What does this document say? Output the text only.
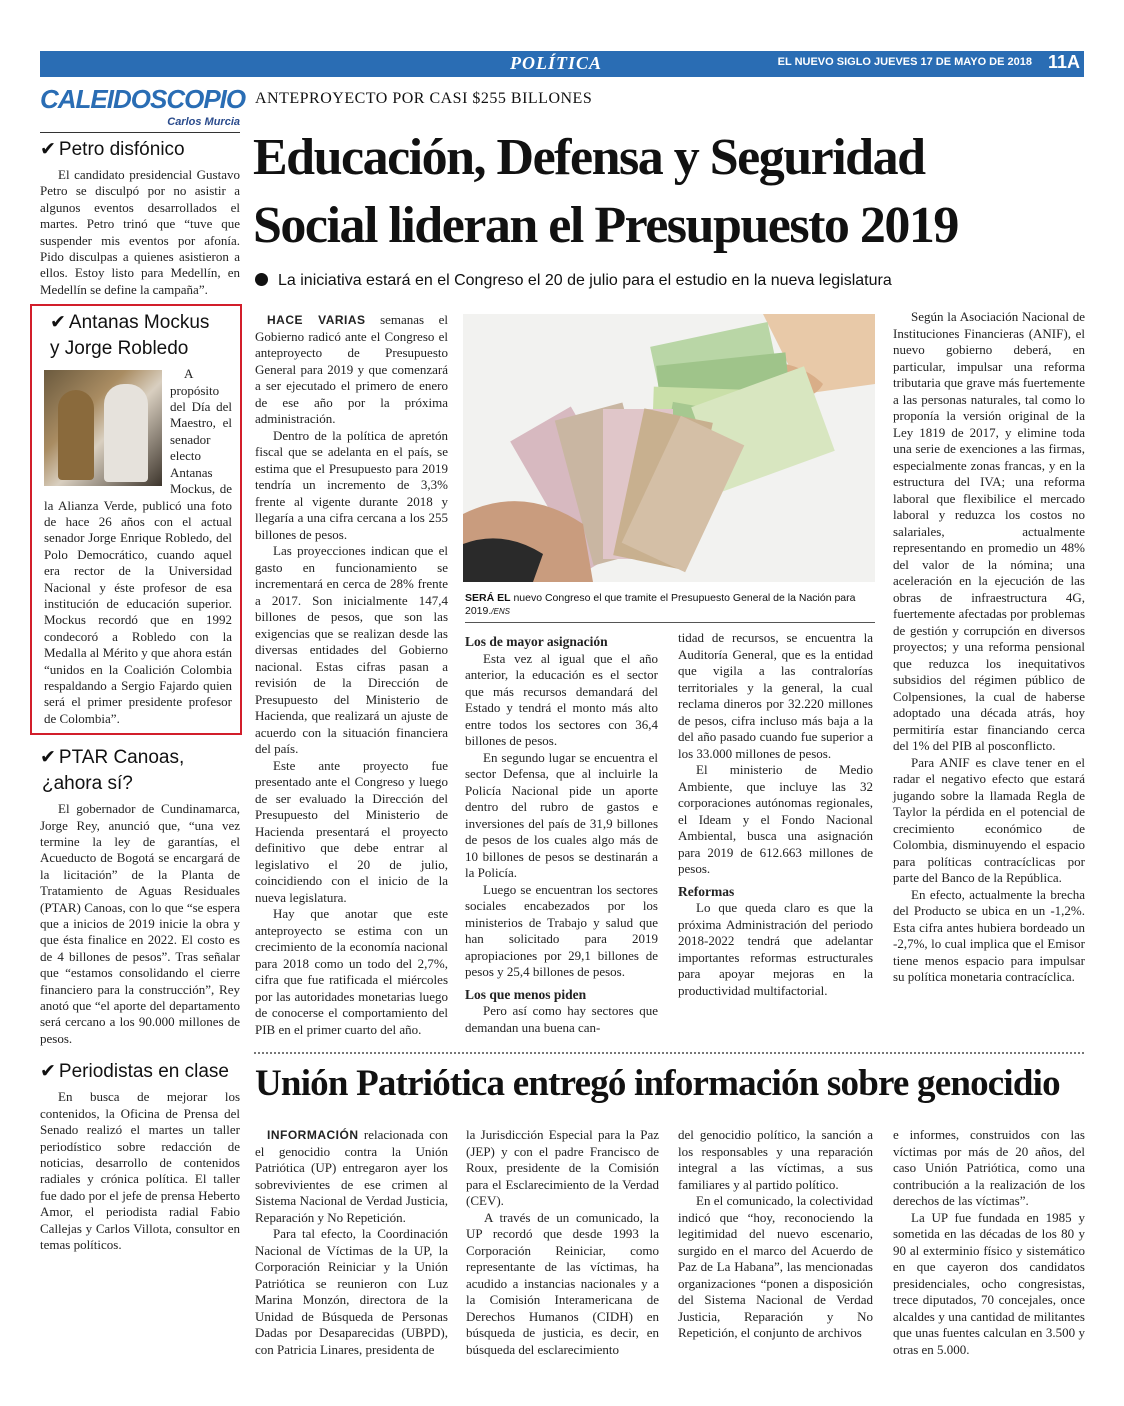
POLÍTICA	EL NUEVO SIGLO JUEVES 17 DE MAYO DE 2018 11A
CALEIDOSCOPIO
Carlos Murcia
✔ Petro disfónico
El candidato presidencial Gustavo Petro se disculpó por no asistir a algunos eventos desarrollados el martes. Petro trinó que “tuve que suspender mis eventos por afonía. Pido disculpas a quienes asistieron a ellos. Estoy listo para Medellín, en Medellín se define la campaña”.
✔ Antanas Mockus
y Jorge Robledo
A propósito del Día del Maestro, el senador electo Antanas Mockus, de la Alianza Verde, publicó una foto de hace 26 años con el actual senador Jorge Enrique Robledo, del Polo Democrático, cuando aquel era rector de la Universidad Nacional y éste profesor de esa institución de educación superior. Mockus recordó que en 1992 condecoró a Robledo con la Medalla al Mérito y que ahora están “unidos en la Coalición Colombia respaldando a Sergio Fajardo quien será el primer presidente profesor de Colombia”.
✔ PTAR Canoas,
¿ahora sí?
El gobernador de Cundinamarca, Jorge Rey, anunció que, “una vez termine la ley de garantías, el Acueducto de Bogotá se encargará de la licitación” de la Planta de Tratamiento de Aguas Residuales (PTAR) Canoas, con lo que “se espera que a inicios de 2019 inicie la obra y que ésta finalice en 2022. El costo es de 4 billones de pesos”. Tras señalar que “estamos consolidando el cierre financiero para la construcción”, Rey anotó que “el aporte del departamento será cercano a los 90.000 millones de pesos.
✔ Periodistas en clase
En busca de mejorar los contenidos, la Oficina de Prensa del Senado realizó el martes un taller periodístico sobre redacción de noticias, desarrollo de contenidos radiales y crónica política. El taller fue dado por el jefe de prensa Heberto Amor, el periodista radial Fabio Callejas y Carlos Villota, consultor en temas políticos.
ANTEPROYECTO POR CASI $255 BILLONES
Educación, Defensa y Seguridad
Social lideran el Presupuesto 2019
La iniciativa estará en el Congreso el 20 de julio para el estudio en la nueva legislatura

HACE VARIAS semanas el Gobierno radicó ante el Congreso el anteproyecto de Presupuesto General para 2019 y que comenzará a ser ejecutado el primero de enero de ese año por la próxima administración.

Dentro de la política de apretón fiscal que se adelanta en el país, se estima que el Presupuesto para 2019 tendría un incremento de 3,3% frente al vigente durante 2018 y llegaría a una cifra cercana a los 255 billones de pesos.

Las proyecciones indican que el gasto en funcionamiento se incrementará en cerca de 28% frente a 2017. Son inicialmente 147,4 billones de pesos, que son las exigencias que se realizan desde las diversas entidades del Gobierno nacional. Estas cifras pasan a revisión de la Dirección de Presupuesto del Ministerio de Hacienda, que realizará un ajuste de acuerdo con la situación financiera del país.

Este ante proyecto fue presentado ante el Congreso y luego de ser evaluado la Dirección del Presupuesto del Ministerio de Hacienda presentará el proyecto definitivo que debe entrar al legislativo el 20 de julio, coincidiendo con el inicio de la nueva legislatura.

Hay que anotar que este anteproyecto se estima con un crecimiento de la economía nacional para 2018 como un todo del 2,7%, cifra que fue ratificada el miércoles por las autoridades monetarias luego de conocerse el comportamiento del PIB en el primer cuarto del año.

SERÁ EL nuevo Congreso el que tramite el Presupuesto General de la Nación para 2019./ENS

Los de mayor asignación

Esta vez al igual que el año anterior, la educación es el sector que más recursos demandará del Estado y tendrá el monto más alto entre todos los sectores con 36,4 billones de pesos.

En segundo lugar se encuentra el sector Defensa, que al incluirle la Policía Nacional pide un aporte dentro del rubro de gastos e inversiones del país de 31,9 billones de pesos de los cuales algo más de 10 billones de pesos se destinarán a la Policía.

Luego se encuentran los sectores sociales encabezados por los ministerios de Trabajo y salud que han solicitado para 2019 apropiaciones por 29,1 billones de pesos y 25,4 billones de pesos.

Los que menos piden

Pero así como hay sectores que demandan una buena can-

tidad de recursos, se encuentra la Auditoría General, que es la entidad que vigila a las contralorías territoriales y la general, la cual reclama dineros por 32.220 millones de pesos, cifra incluso más baja a la del año pasado cuando fue superior a los 33.000 millones de pesos.

El ministerio de Medio Ambiente, que incluye las 32 corporaciones autónomas regionales, el Ideam y el Fondo Nacional Ambiental, busca una asignación para 2019 de 612.663 millones de pesos.

Reformas

Lo que queda claro es que la próxima Administración del periodo 2018-2022 tendrá que adelantar importantes reformas estructurales para apoyar mejoras en la productividad multifactorial.

Según la Asociación Nacional de Instituciones Financieras (ANIF), el nuevo gobierno deberá, en particular, impulsar una reforma tributaria que grave más fuertemente a las personas naturales, tal como lo proponía la versión original de la Ley 1819 de 2017, y elimine toda una serie de exenciones a las firmas, especialmente zonas francas, y en la estructura del IVA; una reforma laboral que flexibilice el mercado laboral y reduzca los costos no salariales, actualmente representando en promedio un 48% del valor de la nómina; una aceleración en la ejecución de las obras de infraestructura 4G, fuertemente afectadas por problemas de gestión y corrupción en diversos proyectos; y una reforma pensional que reduzca los inequitativos subsidios del régimen público de Colpensiones, la cual de haberse adoptado una década atrás, hoy permitiría estar financiando cerca del 1% del PIB al posconflicto.

Para ANIF es clave tener en el radar el negativo efecto que estará jugando sobre la llamada Regla de Taylor la pérdida en el potencial de crecimiento económico de Colombia, disminuyendo el espacio para políticas contracíclicas por parte del Banco de la República.

En efecto, actualmente la brecha del Producto se ubica en un -1,2%. Esta cifra antes hubiera bordeado un -2,7%, lo cual implica que el Emisor tiene menos espacio para impulsar su política monetaria contracíclica.

Unión Patriótica entregó información sobre genocidio

INFORMACIÓN relacionada con el genocidio contra la Unión Patriótica (UP) entregaron ayer los sobrevivientes de ese crimen al Sistema Nacional de Verdad Justicia, Reparación y No Repetición.

Para tal efecto, la Coordinación Nacional de Víctimas de la UP, la Corporación Reiniciar y la Unión Patriótica se reunieron con Luz Marina Monzón, directora de la Unidad de Búsqueda de Personas Dadas por Desaparecidas (UBPD), con Patricia Linares, presidenta de

la Jurisdicción Especial para la Paz (JEP) y con el padre Francisco de Roux, presidente de la Comisión para el Esclarecimiento de la Verdad (CEV).

A través de un comunicado, la UP recordó que desde 1993 la Corporación Reiniciar, como representante de las víctimas, ha acudido a instancias nacionales y a la Comisión Interamericana de Derechos Humanos (CIDH) en búsqueda de justicia, es decir, en búsqueda del esclarecimiento

del genocidio político, la sanción a los responsables y una reparación integral a las víctimas, a sus familiares y al partido político.

En el comunicado, la colectividad indicó que “hoy, reconociendo la legitimidad del nuevo escenario, surgido en el marco del Acuerdo de Paz de La Habana”, las mencionadas organizaciones “ponen a disposición del Sistema Nacional de Verdad Justicia, Reparación y No Repetición, el conjunto de archivos

e informes, construidos con las víctimas por más de 20 años, del caso Unión Patriótica, como una contribución a la realización de los derechos de las víctimas”.

La UP fue fundada en 1985 y sometida en las décadas de los 80 y 90 al exterminio físico y sistemático en que cayeron dos candidatos presidenciales, ocho congresistas, trece diputados, 70 concejales, once alcaldes y una cantidad de militantes que unas fuentes calculan en 3.500 y otras en 5.000.
